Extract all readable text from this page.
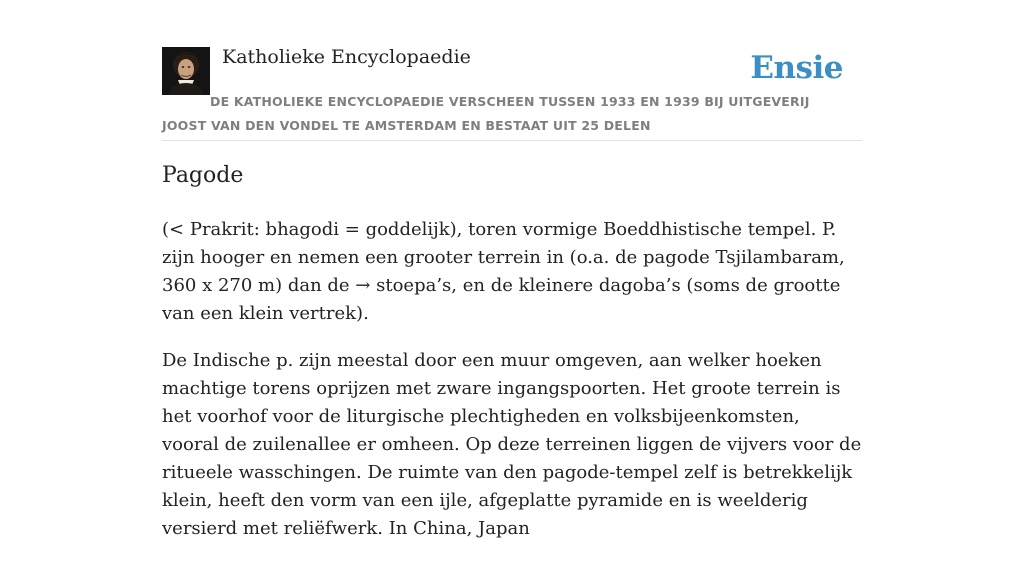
Katholieke Encyclopaedie	Ensie
DE KATHOLIEKE ENCYCLOPAEDIE VERSCHEEN TUSSEN 1933 EN 1939 BIJ UITGEVERIJ JOOST VAN DEN VONDEL TE AMSTERDAM EN BESTAAT UIT 25 DELEN
Pagode

(< Prakrit: bhagodi = goddelijk), toren vormige Boeddhistische tempel. P. zijn hooger en nemen een grooter terrein in (o.a. de pagode Tsjilambaram, 360 x 270 m) dan de → stoepa’s, en de kleinere dagoba’s (soms de grootte van een klein vertrek).

De Indische p. zijn meestal door een muur omgeven, aan welker hoeken machtige torens oprijzen met zware ingangspoorten. Het groote terrein is het voorhof voor de liturgische plechtigheden en volksbijeenkomsten, vooral de zuilenallee er omheen. Op deze terreinen liggen de vijvers voor de ritueele wasschingen. De ruimte van den pagode-tempel zelf is betrekkelijk klein, heeft den vorm van een ijle, afgeplatte pyramide en is weelderig versierd met reliëfwerk. In China, Japan
